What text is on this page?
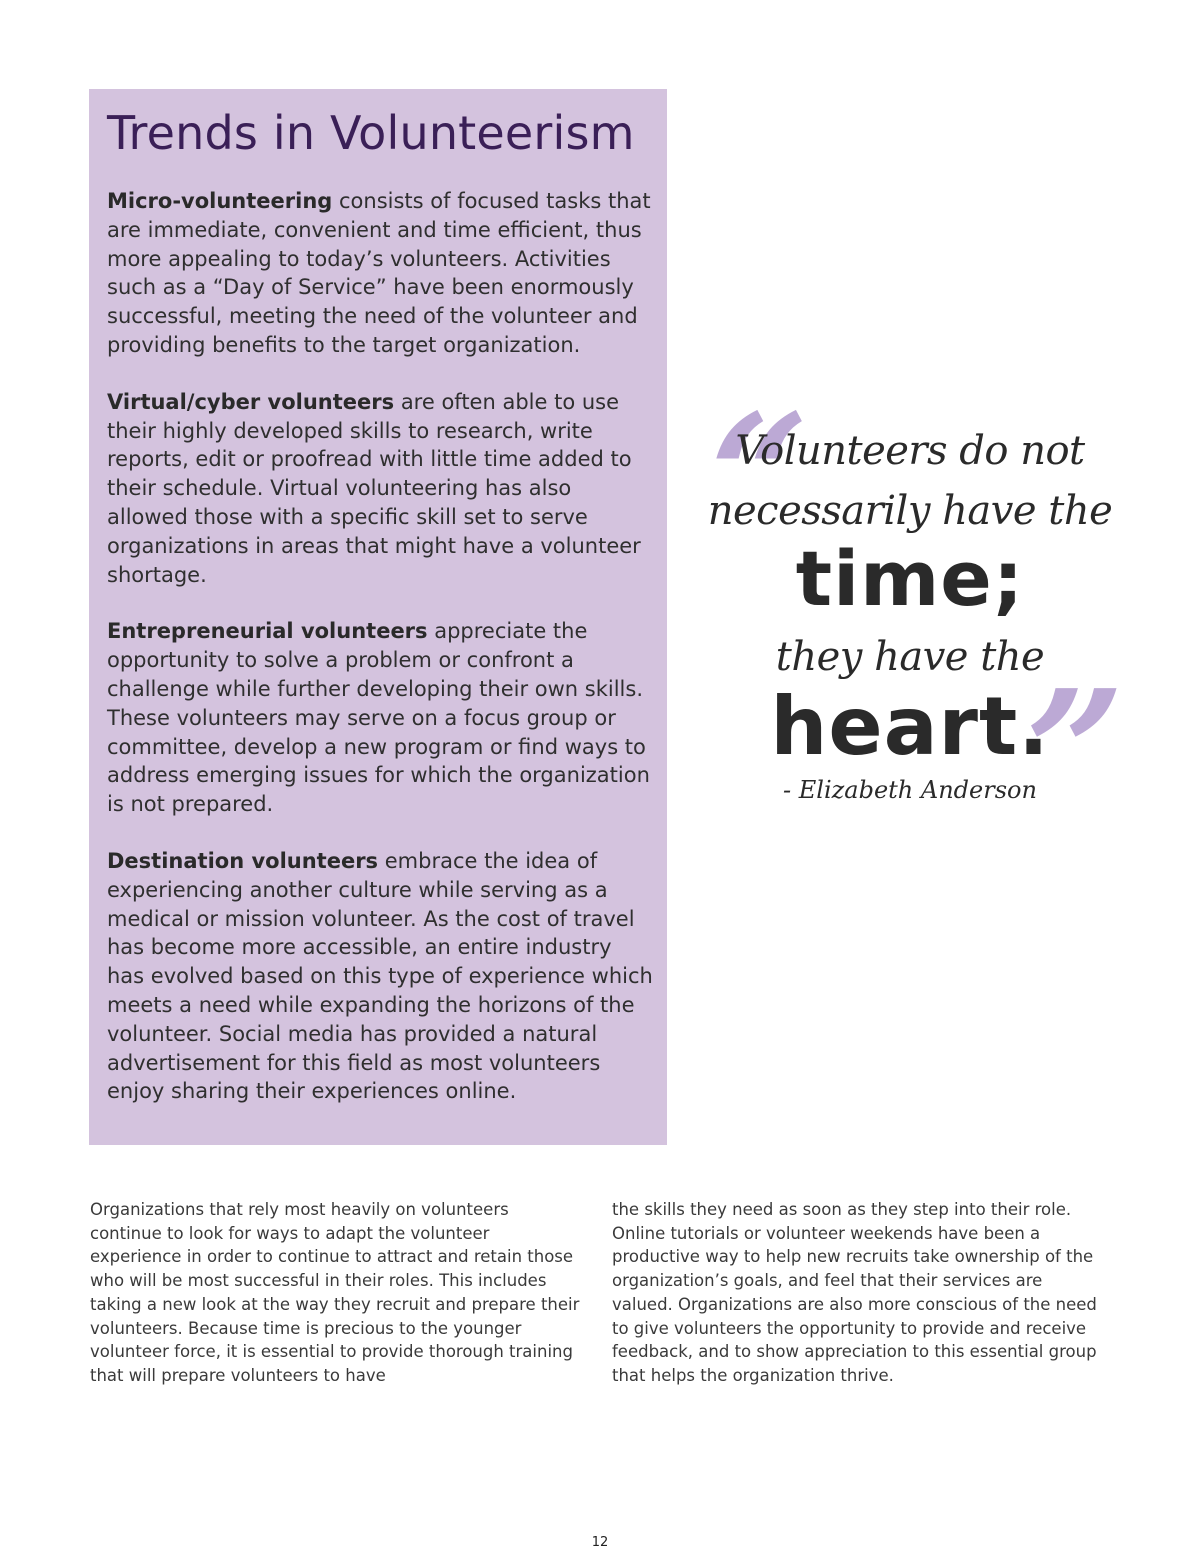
Trends in Volunteerism

Micro-volunteering consists of focused tasks that are immediate, convenient and time efficient, thus more appealing to today’s volunteers. Activities such as a “Day of Service” have been enormously successful, meeting the need of the volunteer and providing benefits to the target organization.

Virtual/cyber volunteers are often able to use their highly developed skills to research, write reports, edit or proofread with little time added to their schedule. Virtual volunteering has also allowed those with a specific skill set to serve organizations in areas that might have a volunteer shortage.

Entrepreneurial volunteers appreciate the opportunity to solve a problem or confront a challenge while further developing their own skills. These volunteers may serve on a focus group or committee, develop a new program or find ways to address emerging issues for which the organization is not prepared.

Destination volunteers embrace the idea of experiencing another culture while serving as a medical or mission volunteer. As the cost of travel has become more accessible, an entire industry has evolved based on this type of experience which meets a need while expanding the horizons of the volunteer. Social media has provided a natural advertisement for this field as most volunteers enjoy sharing their experiences online.

“
”
Volunteers do not
necessarily have the
time;
they have the
heart.
- Elizabeth Anderson

Organizations that rely most heavily on volunteers continue to look for ways to adapt the volunteer experience in order to continue to attract and retain those who will be most successful in their roles. This includes taking a new look at the way they recruit and prepare their volunteers. Because time is precious to the younger volunteer force, it is essential to provide thorough training that will prepare volunteers to have

the skills they need as soon as they step into their role. Online tutorials or volunteer weekends have been a productive way to help new recruits take ownership of the organization’s goals, and feel that their services are valued. Organizations are also more conscious of the need to give volunteers the opportunity to provide and receive feedback, and to show appreciation to this essential group that helps the organization thrive.

12
